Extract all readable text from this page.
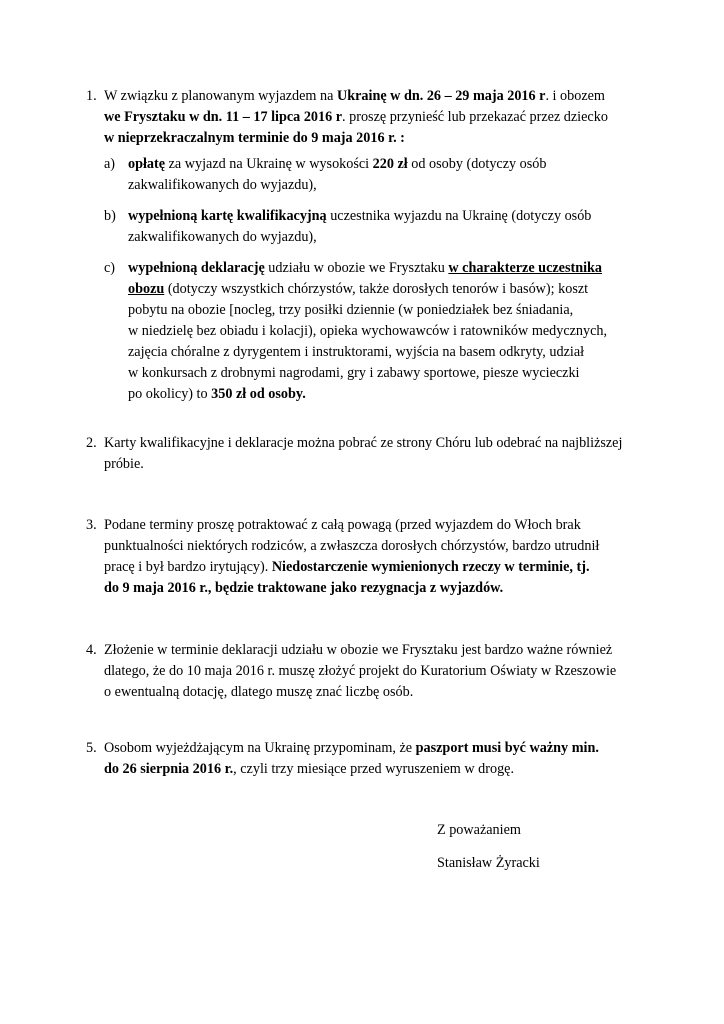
1. W związku z planowanym wyjazdem na Ukrainę w dn. 26 – 29 maja 2016 r. i obozem
we Frysztaku w dn. 11 – 17 lipca 2016 r. proszę przynieść lub przekazać przez dziecko
w nieprzekraczalnym terminie do 9 maja 2016 r. :
a) opłatę za wyjazd na Ukrainę w wysokości 220 zł od osoby (dotyczy osób
zakwalifikowanych do wyjazdu),
b) wypełnioną kartę kwalifikacyjną uczestnika wyjazdu na Ukrainę (dotyczy osób
zakwalifikowanych do wyjazdu),
c) wypełnioną deklarację udziału w obozie we Frysztaku w charakterze uczestnika
obozu (dotyczy wszystkich chórzystów, także dorosłych tenorów i basów); koszt
pobytu na obozie [nocleg, trzy posiłki dziennie (w poniedziałek bez śniadania,
w niedzielę bez obiadu i kolacji), opieka wychowawców i ratowników medycznych,
zajęcia chóralne z dyrygentem i instruktorami, wyjścia na basem odkryty, udział
w konkursach z drobnymi nagrodami, gry i zabawy sportowe, piesze wycieczki
po okolicy) to 350 zł od osoby.
2. Karty kwalifikacyjne i deklaracje można pobrać ze strony Chóru lub odebrać na najbliższej
próbie.
3. Podane terminy proszę potraktować z całą powagą (przed wyjazdem do Włoch brak
punktualności niektórych rodziców, a zwłaszcza dorosłych chórzystów, bardzo utrudnił
pracę i był bardzo irytujący). Niedostarczenie wymienionych rzeczy w terminie, tj.
do 9 maja 2016 r., będzie traktowane jako rezygnacja z wyjazdów.
4. Złożenie w terminie deklaracji udziału w obozie we Frysztaku jest bardzo ważne również
dlatego, że do 10 maja 2016 r. muszę złożyć projekt do Kuratorium Oświaty w Rzeszowie
o ewentualną dotację, dlatego muszę znać liczbę osób.
5. Osobom wyjeżdżającym na Ukrainę przypominam, że paszport musi być ważny min.
do 26 sierpnia 2016 r., czyli trzy miesiące przed wyruszeniem w drogę.
Z poważaniem
Stanisław Żyracki
